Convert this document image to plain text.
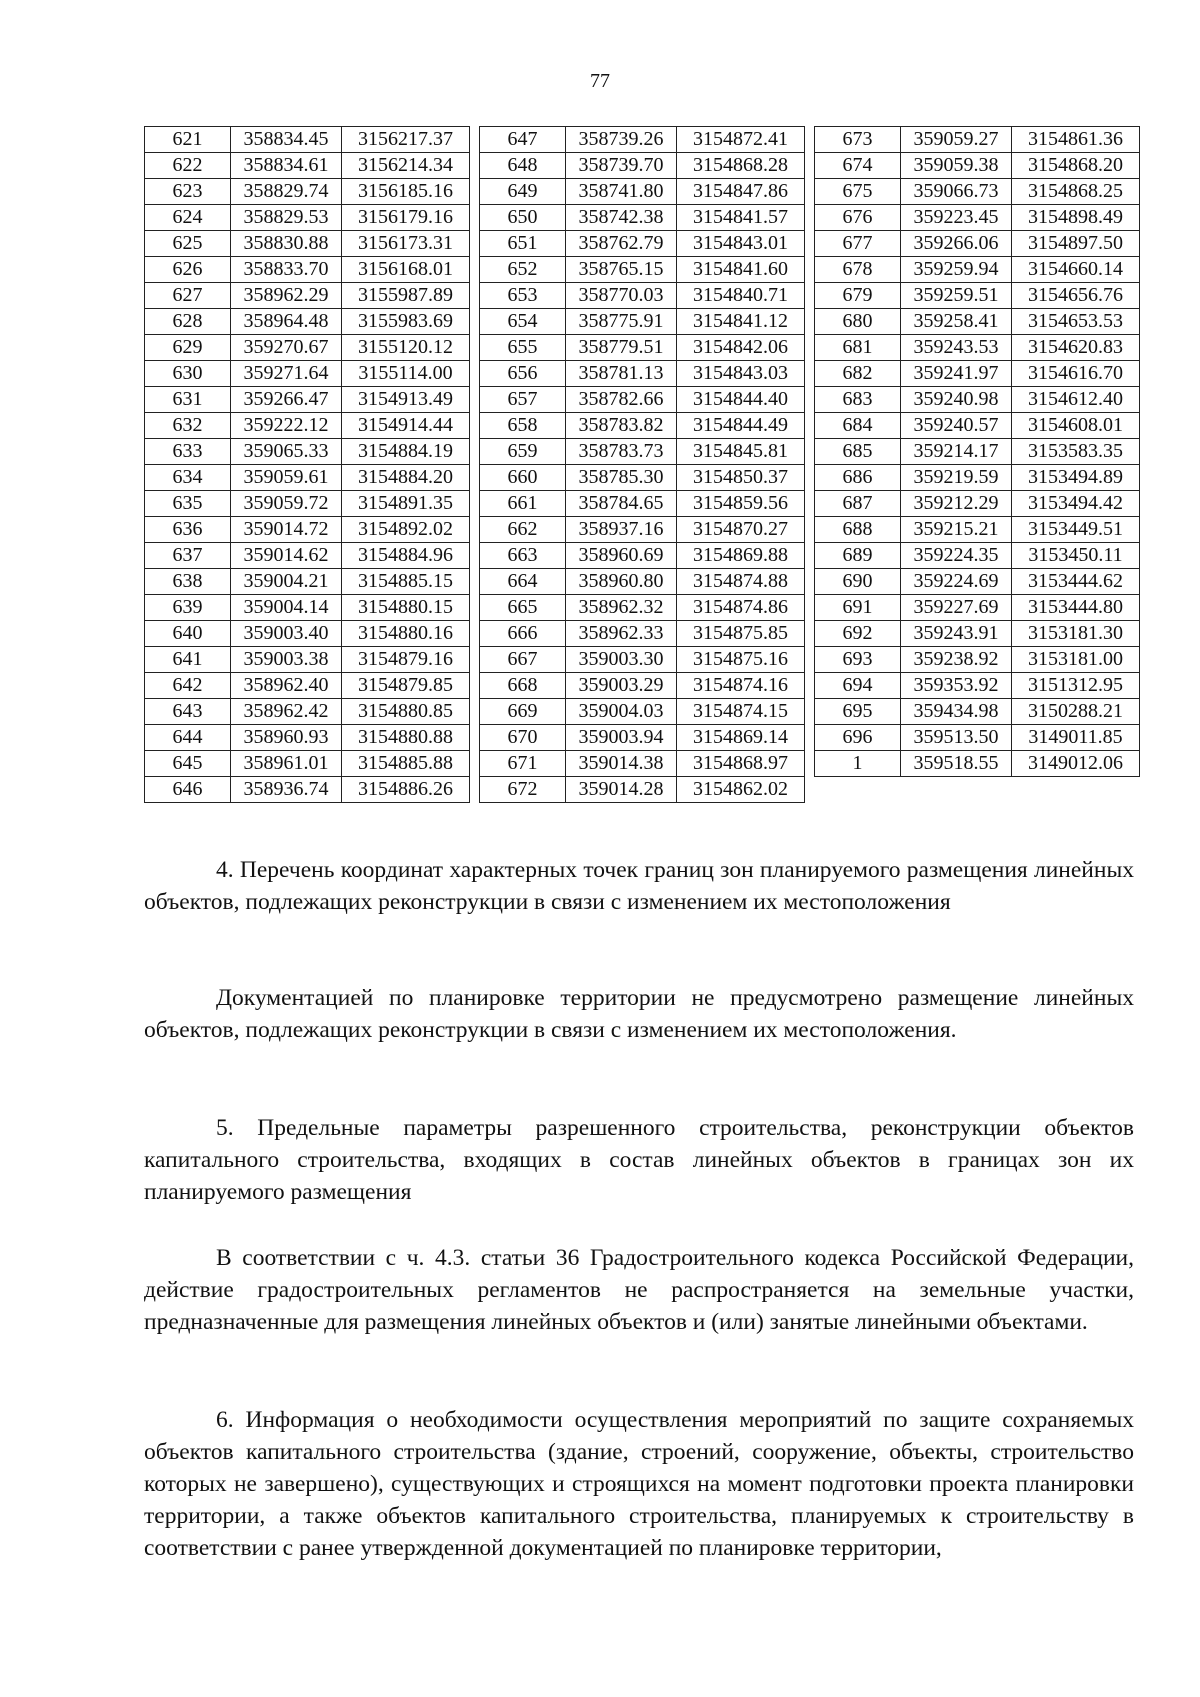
77
621	358834.45	3156217.37
622	358834.61	3156214.34
623	358829.74	3156185.16
624	358829.53	3156179.16
625	358830.88	3156173.31
626	358833.70	3156168.01
627	358962.29	3155987.89
628	358964.48	3155983.69
629	359270.67	3155120.12
630	359271.64	3155114.00
631	359266.47	3154913.49
632	359222.12	3154914.44
633	359065.33	3154884.19
634	359059.61	3154884.20
635	359059.72	3154891.35
636	359014.72	3154892.02
637	359014.62	3154884.96
638	359004.21	3154885.15
639	359004.14	3154880.15
640	359003.40	3154880.16
641	359003.38	3154879.16
642	358962.40	3154879.85
643	358962.42	3154880.85
644	358960.93	3154880.88
645	358961.01	3154885.88
646	358936.74	3154886.26
647	358739.26	3154872.41
648	358739.70	3154868.28
649	358741.80	3154847.86
650	358742.38	3154841.57
651	358762.79	3154843.01
652	358765.15	3154841.60
653	358770.03	3154840.71
654	358775.91	3154841.12
655	358779.51	3154842.06
656	358781.13	3154843.03
657	358782.66	3154844.40
658	358783.82	3154844.49
659	358783.73	3154845.81
660	358785.30	3154850.37
661	358784.65	3154859.56
662	358937.16	3154870.27
663	358960.69	3154869.88
664	358960.80	3154874.88
665	358962.32	3154874.86
666	358962.33	3154875.85
667	359003.30	3154875.16
668	359003.29	3154874.16
669	359004.03	3154874.15
670	359003.94	3154869.14
671	359014.38	3154868.97
672	359014.28	3154862.02
673	359059.27	3154861.36
674	359059.38	3154868.20
675	359066.73	3154868.25
676	359223.45	3154898.49
677	359266.06	3154897.50
678	359259.94	3154660.14
679	359259.51	3154656.76
680	359258.41	3154653.53
681	359243.53	3154620.83
682	359241.97	3154616.70
683	359240.98	3154612.40
684	359240.57	3154608.01
685	359214.17	3153583.35
686	359219.59	3153494.89
687	359212.29	3153494.42
688	359215.21	3153449.51
689	359224.35	3153450.11
690	359224.69	3153444.62
691	359227.69	3153444.80
692	359243.91	3153181.30
693	359238.92	3153181.00
694	359353.92	3151312.95
695	359434.98	3150288.21
696	359513.50	3149011.85
1	359518.55	3149012.06

4. Перечень координат характерных точек границ зон планируемого размещения линейных объектов, подлежащих реконструкции в связи с изменением их местоположения

Документацией по планировке территории не предусмотрено размещение линейных объектов, подлежащих реконструкции в связи с изменением их местоположения.

5. Предельные параметры разрешенного строительства, реконструкции объектов капитального строительства, входящих в состав линейных объектов в границах зон их планируемого размещения

В соответствии с ч. 4.3. статьи 36 Градостроительного кодекса Российской Федерации, действие градостроительных регламентов не распространяется на земельные участки, предназначенные для размещения линейных объектов и (или) занятые линейными объектами.

6. Информация о необходимости осуществления мероприятий по защите сохраняемых объектов капитального строительства (здание, строений, сооружение, объекты, строительство которых не завершено), существующих и строящихся на момент подготовки проекта планировки территории, а также объектов капитального строительства, планируемых к строительству в соответствии с ранее утвержденной документацией по планировке территории,
